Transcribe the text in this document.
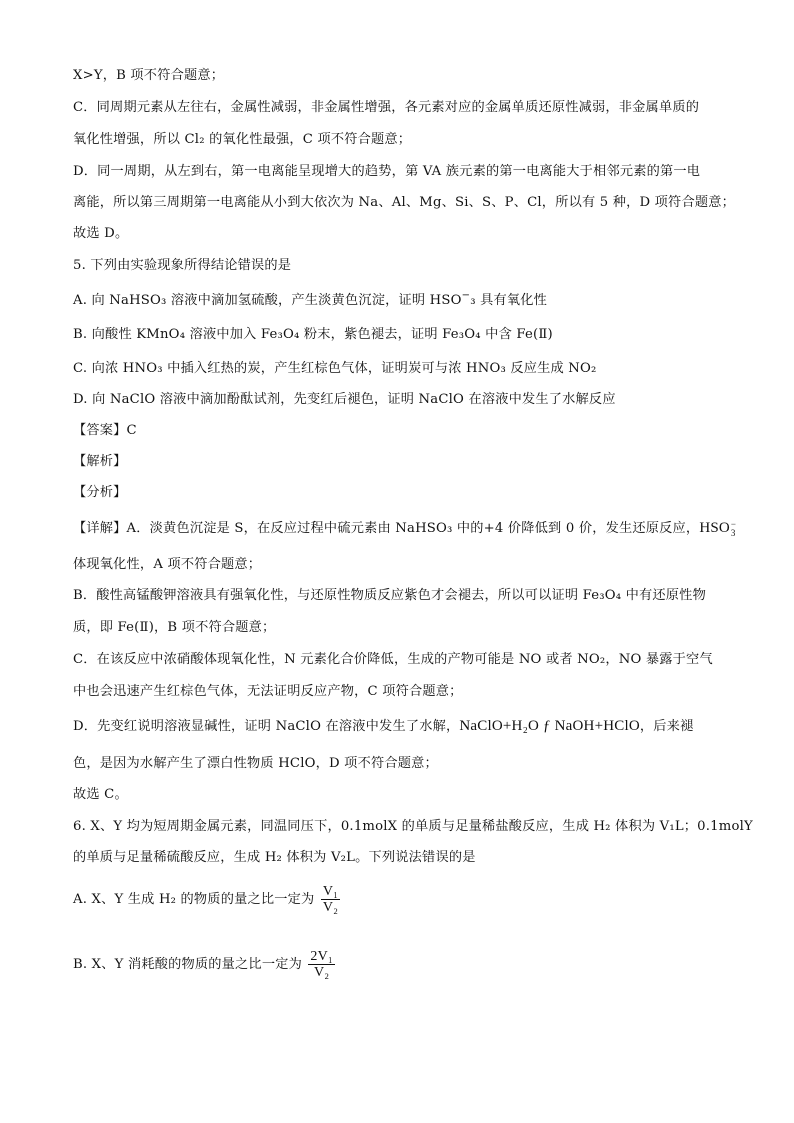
X>Y，B 项不符合题意；
C．同周期元素从左往右，金属性减弱，非金属性增强，各元素对应的金属单质还原性减弱，非金属单质的
氧化性增强，所以 Cl₂ 的氧化性最强，C 项不符合题意；
D．同一周期，从左到右，第一电离能呈现增大的趋势，第 VA 族元素的第一电离能大于相邻元素的第一电
离能，所以第三周期第一电离能从小到大依次为 Na、Al、Mg、Si、S、P、Cl，所以有 5 种，D 项符合题意；
故选 D。
5. 下列由实验现象所得结论错误的是
A. 向 NaHSO₃ 溶液中滴加氢硫酸，产生淡黄色沉淀，证明 HSO−₃ 具有氧化性
B. 向酸性 KMnO₄ 溶液中加入 Fe₃O₄ 粉末，紫色褪去，证明 Fe₃O₄ 中含 Fe(Ⅱ)
C. 向浓 HNO₃ 中插入红热的炭，产生红棕色气体，证明炭可与浓 HNO₃ 反应生成 NO₂
D. 向 NaClO 溶液中滴加酚酞试剂，先变红后褪色，证明 NaClO 在溶液中发生了水解反应
【答案】C
【解析】
【分析】
【详解】A．淡黄色沉淀是 S，在反应过程中硫元素由 NaHSO₃ 中的+4 价降低到 0 价，发生还原反应，HSO −
3
体现氧化性，A 项不符合题意；
B．酸性高锰酸钾溶液具有强氧化性，与还原性物质反应紫色才会褪去，所以可以证明 Fe₃O₄ 中有还原性物
质，即 Fe(Ⅱ)，B 项不符合题意；
C．在该反应中浓硝酸体现氧化性，N 元素化合价降低，生成的产物可能是 NO 或者 NO₂，NO 暴露于空气
中也会迅速产生红棕色气体，无法证明反应产物，C 项符合题意；
D．先变红说明溶液显碱性，证明 NaClO 在溶液中发生了水解，NaClO+H₂O ƒ NaOH+HClO，后来褪
色，是因为水解产生了漂白性物质 HClO，D 项不符合题意；
故选 C。
6. X、Y 均为短周期金属元素，同温同压下，0.1molX 的单质与足量稀盐酸反应，生成 H₂ 体积为 V₁L；0.1molY
的单质与足量稀硫酸反应，生成 H₂ 体积为 V₂L。下列说法错误的是
A. X、Y 生成 H₂ 的物质的量之比一定为 $\frac{\text{V₁}}{\text{V₂}}$
B. X、Y 消耗酸的物质的量之比一定为 $\frac{\text{2V₁}}{\text{V₂}}$
